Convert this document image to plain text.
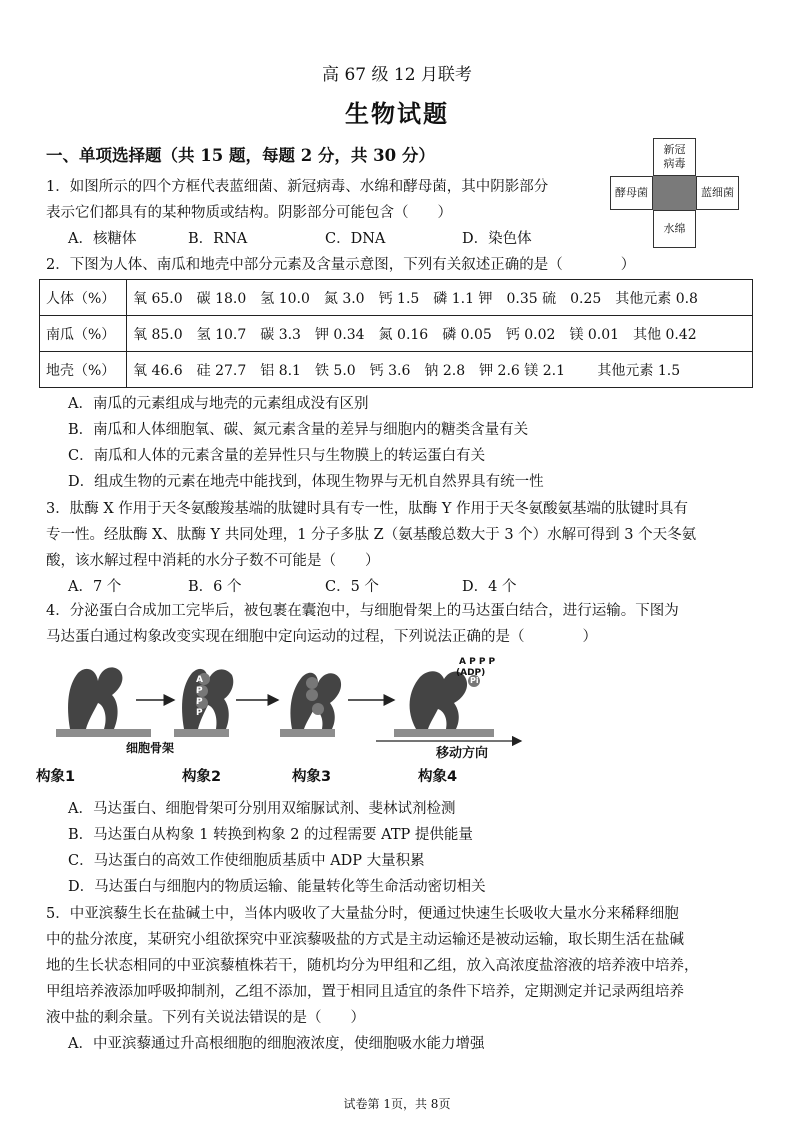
高 67 级 12 月联考
生物试题
一、单项选择题（共 15 题，每题 2 分，共 30 分）
1．如图所示的四个方框代表蓝细菌、新冠病毒、水绵和酵母菌，其中阴影部分
表示它们都具有的某种物质或结构。阴影部分可能包含（　　）
A．核糖体	B．RNA	C．DNA	D．染色体
新冠
病毒
酵母菌	蓝细菌
水绵
2．下图为人体、南瓜和地壳中部分元素及含量示意图，下列有关叙述正确的是（　　　　）
人体（%）	氧 65.0　碳 18.0　氢 10.0　氮 3.0　钙 1.5　磷 1.1 钾　0.35 硫　0.25　其他元素 0.8
南瓜（%）	氧 85.0　氢 10.7　碳 3.3　钾 0.34　氮 0.16　磷 0.05　钙 0.02　镁 0.01　其他 0.42
地壳（%）	氧 46.6　硅 27.7　铝 8.1　铁 5.0　钙 3.6　钠 2.8　钾 2.6 镁 2.1　　 其他元素 1.5
A．南瓜的元素组成与地壳的元素组成没有区别
B．南瓜和人体细胞氧、碳、氮元素含量的差异与细胞内的糖类含量有关
C．南瓜和人体的元素含量的差异性只与生物膜上的转运蛋白有关
D．组成生物的元素在地壳中能找到，体现生物界与无机自然界具有统一性
3．肽酶 X 作用于天冬氨酸羧基端的肽键时具有专一性，肽酶 Y 作用于天冬氨酸氨基端的肽键时具有
专一性。经肽酶 X、肽酶 Y 共同处理，1 分子多肽 Z（氨基酸总数大于 3 个）水解可得到 3 个天冬氨
酸，该水解过程中消耗的水分子数不可能是（　　）
A．7 个	B．6 个	C．5 个	D．4 个
4．分泌蛋白合成加工完毕后，被包裹在囊泡中，与细胞骨架上的马达蛋白结合，进行运输。下图为
马达蛋白通过构象改变实现在细胞中定向运动的过程，下列说法正确的是（　　　　）
A P P P
A P P P
(ADP)
Pi
细胞骨架	移动方向
构象1	构象2	构象3	构象4
A．马达蛋白、细胞骨架可分别用双缩脲试剂、斐林试剂检测
B．马达蛋白从构象 1 转换到构象 2 的过程需要 ATP 提供能量
C．马达蛋白的高效工作使细胞质基质中 ADP 大量积累
D．马达蛋白与细胞内的物质运输、能量转化等生命活动密切相关
5．中亚滨藜生长在盐碱土中，当体内吸收了大量盐分时，便通过快速生长吸收大量水分来稀释细胞
中的盐分浓度，某研究小组欲探究中亚滨藜吸盐的方式是主动运输还是被动运输，取长期生活在盐碱
地的生长状态相同的中亚滨藜植株若干，随机均分为甲组和乙组，放入高浓度盐溶液的培养液中培养，
甲组培养液添加呼吸抑制剂，乙组不添加，置于相同且适宜的条件下培养，定期测定并记录两组培养
液中盐的剩余量。下列有关说法错误的是（　　）
A．中亚滨藜通过升高根细胞的细胞液浓度，使细胞吸水能力增强
试卷第 1页，共 8页
